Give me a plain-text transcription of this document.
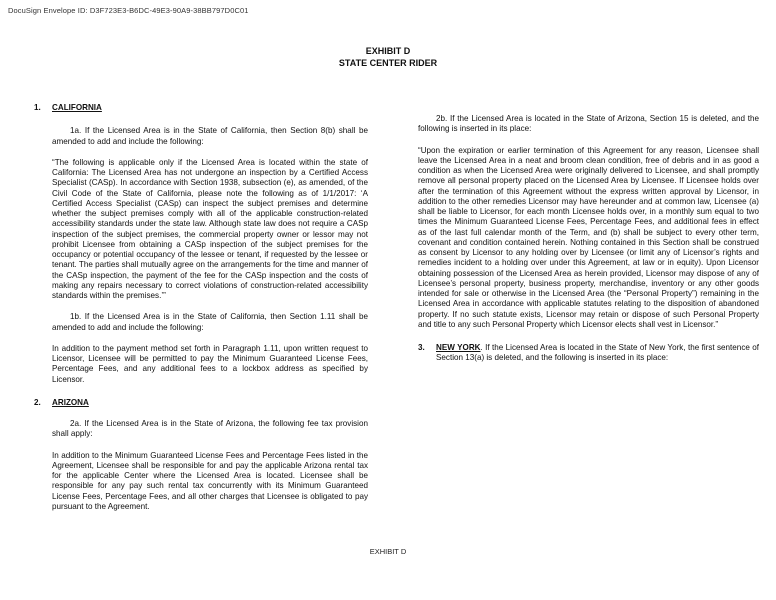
DocuSign Envelope ID: D3F723E3-B6DC-49E3-90A9-38BB797D0C01
EXHIBIT D
STATE CENTER RIDER
1.	CALIFORNIA

1a. If the Licensed Area is in the State of California, then Section 8(b) shall be amended to add and include the following:

“The following is applicable only if the Licensed Area is located within the state of California: The Licensed Area has not undergone an inspection by a Certified Access Specialist (CASp). In accordance with Section 1938, subsection (e), as amended, of the Civil Code of the State of California, please note the following as of 1/1/2017: ‘A Certified Access Specialist (CASp) can inspect the subject premises and determine whether the subject premises comply with all of the applicable construction-related accessibility standards under the state law. Although state law does not require a CASp inspection of the subject premises, the commercial property owner or lessor may not prohibit Licensee from obtaining a CASp inspection of the subject premises for the occupancy or potential occupancy of the lessee or tenant, if requested by the lessee or tenant. The parties shall mutually agree on the arrangements for the time and manner of the CASp inspection, the payment of the fee for the CASp inspection and the costs of making any repairs necessary to correct violations of construction-related accessibility standards within the premises.’”

1b. If the Licensed Area is in the State of California, then Section 1.11 shall be amended to add and include the following:

In addition to the payment method set forth in Paragraph 1.11, upon written request to Licensor, Licensee will be permitted to pay the Minimum Guaranteed License Fees, Percentage Fees, and any additional fees to a lockbox address as specified by Licensor.

2.	ARIZONA

2a. If the Licensed Area is in the State of Arizona, the following fee tax provision shall apply:

In addition to the Minimum Guaranteed License Fees and Percentage Fees listed in the Agreement, Licensee shall be responsible for and pay the applicable Arizona rental tax for the applicable Center where the Licensed Area is located. Licensee shall be responsible for any pay such rental tax concurrently with its Minimum Guaranteed License Fees, Percentage Fees, and all other charges that Licensee is obligated to pay pursuant to the Agreement.

2b. If the Licensed Area is located in the State of Arizona, Section 15 is deleted, and the following is inserted in its place:

“Upon the expiration or earlier termination of this Agreement for any reason, Licensee shall leave the Licensed Area in a neat and broom clean condition, free of debris and in as good a condition as when the Licensed Area were originally delivered to Licensee, and shall promptly remove all personal property placed on the Licensed Area by Licensee. If Licensee holds over after the termination of this Agreement without the express written approval by Licensor, in addition to the other remedies Licensor may have hereunder and at common law, Licensee (a) shall be liable to Licensor, for each month Licensee holds over, in a monthly sum equal to two times the Minimum Guaranteed License Fees, Percentage Fees, and additional fees in effect as of the last full calendar month of the Term, and (b) shall be subject to every other term, covenant and condition contained herein. Nothing contained in this Section shall be construed as consent by Licensor to any holding over by Licensee (or limit any of Licensor’s rights and remedies incident to a holding over under this Agreement, at law or in equity). Upon Licensor obtaining possession of the Licensed Area as herein provided, Licensor may dispose of any of Licensee’s personal property, business property, merchandise, inventory or any other goods intended for sale or otherwise in the Licensed Area (the “Personal Property”) remaining in the Licensed Area in accordance with applicable statutes relating to the disposition of abandoned property. If no such statute exists, Licensor may retain or dispose of such Personal Property and title to any such Personal Property which Licensor elects shall vest in Licensor.”

3.	NEW YORK. If the Licensed Area is located in the State of New York, the first sentence of Section 13(a) is deleted, and the following is inserted in its place:
EXHIBIT D
